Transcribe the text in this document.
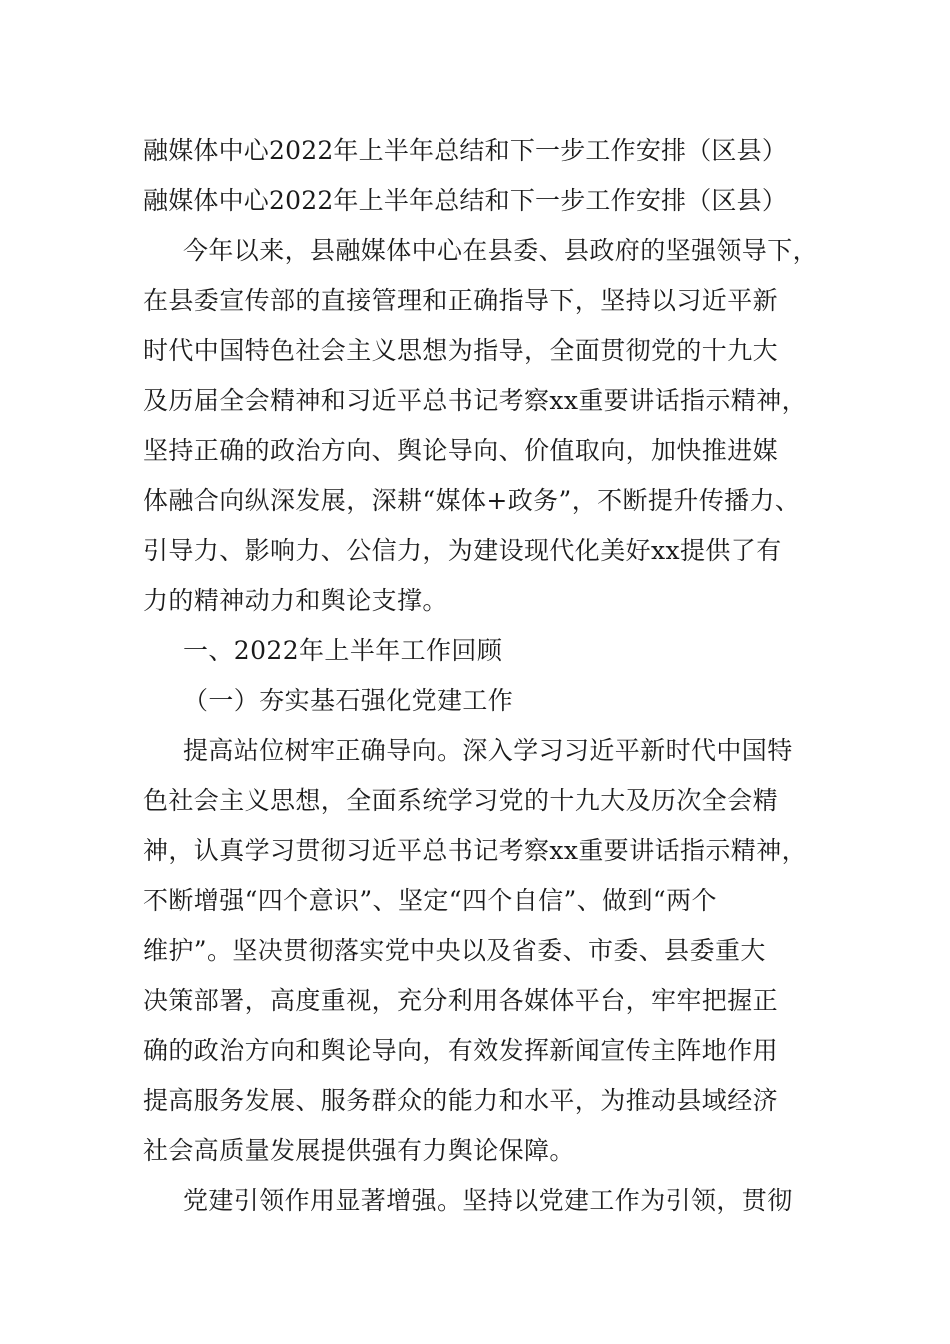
融媒体中心2022年上半年总结和下一步工作安排（区县）
融媒体中心2022年上半年总结和下一步工作安排（区县）
今年以来，县融媒体中心在县委、县政府的坚强领导下，
在县委宣传部的直接管理和正确指导下，坚持以习近平新
时代中国特色社会主义思想为指导，全面贯彻党的十九大
及历届全会精神和习近平总书记考察xx重要讲话指示精神，
坚持正确的政治方向、舆论导向、价值取向，加快推进媒
体融合向纵深发展，深耕“媒体+政务”，不断提升传播力、
引导力、影响力、公信力，为建设现代化美好xx提供了有
力的精神动力和舆论支撑。
一、2022年上半年工作回顾
（一）夯实基石强化党建工作
提高站位树牢正确导向。深入学习习近平新时代中国特
色社会主义思想，全面系统学习党的十九大及历次全会精
神，认真学习贯彻习近平总书记考察xx重要讲话指示精神，
不断增强“四个意识”、坚定“四个自信”、做到“两个
维护”。坚决贯彻落实党中央以及省委、市委、县委重大
决策部署，高度重视，充分利用各媒体平台，牢牢把握正
确的政治方向和舆论导向，有效发挥新闻宣传主阵地作用
提高服务发展、服务群众的能力和水平，为推动县域经济
社会高质量发展提供强有力舆论保障。
党建引领作用显著增强。坚持以党建工作为引领，贯彻
